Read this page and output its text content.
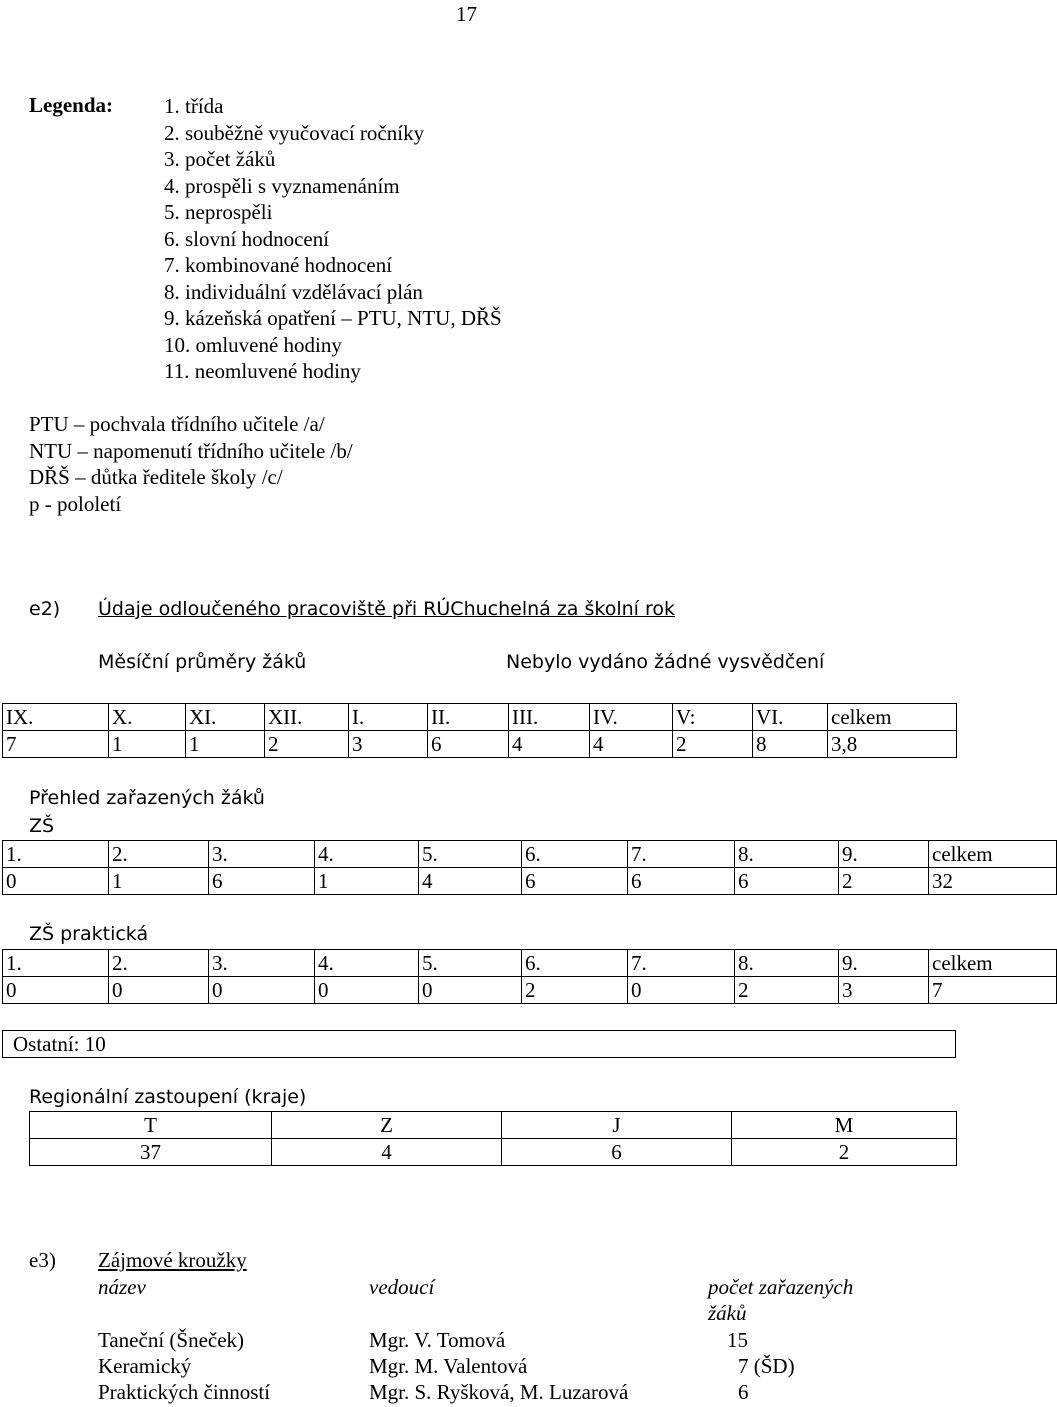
17
Legenda: 1. třída
2. souběžně vyučovací ročníky
3. počet žáků
4. prospěli s vyznamenáním
5. neprospěli
6. slovní hodnocení
7. kombinované hodnocení
8. individuální vzdělávací plán
9. kázeňská opatření – PTU, NTU, DŘŠ
10. omluvené hodiny
11. neomluvené hodiny
PTU – pochvala třídního učitele /a/
NTU – napomenutí třídního učitele /b/
DŘŠ – důtka ředitele školy /c/
p - pololetí
e2) Údaje odloučeného pracoviště při RÚChuchelná za školní rok
Měsíční průměry žáků	Nebylo vydáno žádné vysvědčení
IX.	X.	XI.	XII.	I.	II.	III.	IV.	V:	VI.	celkem
7	1	1	2	3	6	4	4	2	8	3,8
Přehled zařazených žáků
ZŠ
1.	2.	3.	4.	5.	6.	7.	8.	9.	celkem
0	1	6	1	4	6	6	6	2	32
ZŠ praktická
1.	2.	3.	4.	5.	6.	7.	8.	9.	celkem
0	0	0	0	0	2	0	2	3	7
Ostatní: 10
Regionální zastoupení (kraje)
T	Z	J	M
37	4	6	2
e3) Zájmové kroužky
název	vedoucí	počet zařazených
žáků
Taneční (Šneček)	Mgr. V. Tomová	15
Keramický	Mgr. M. Valentová	7 (ŠD)
Praktických činností	Mgr. S. Ryšková, M. Luzarová	6
